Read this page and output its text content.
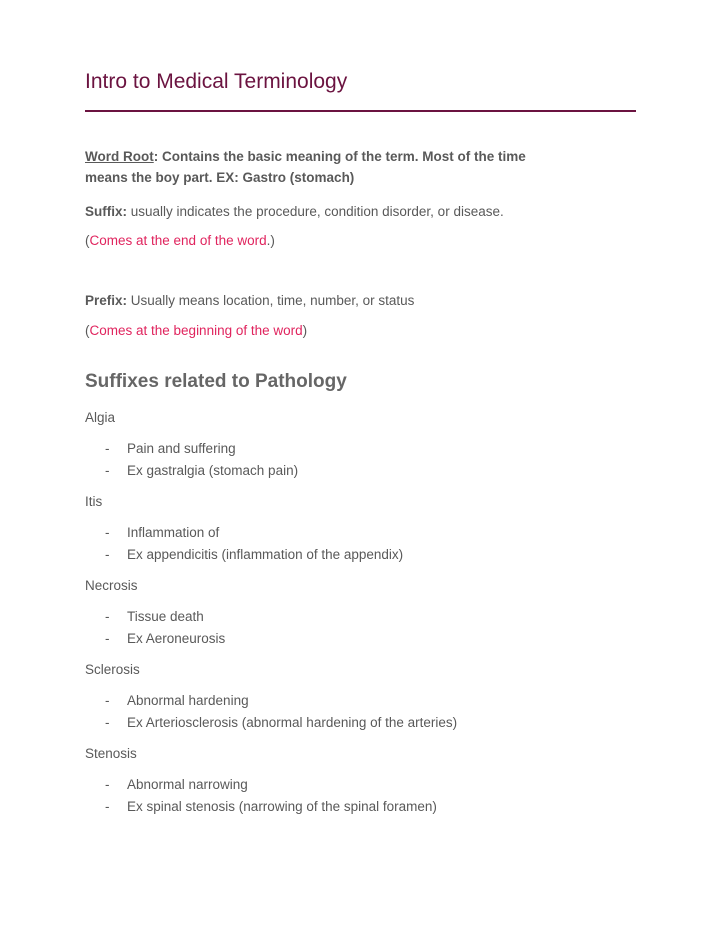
Intro to Medical Terminology

Word Root: Contains the basic meaning of the term. Most of the time
means the boy part. EX: Gastro (stomach)

Suffix: usually indicates the procedure, condition disorder, or disease.

(Comes at the end of the word.)

Prefix: Usually means location, time, number, or status

(Comes at the beginning of the word)

Suffixes related to Pathology

Algia

- Pain and suffering

- Ex gastralgia (stomach pain)

Itis

- Inflammation of

- Ex appendicitis (inflammation of the appendix)

Necrosis

- Tissue death

- Ex Aeroneurosis

Sclerosis

- Abnormal hardening

- Ex Arteriosclerosis (abnormal hardening of the arteries)

Stenosis

- Abnormal narrowing

- Ex spinal stenosis (narrowing of the spinal foramen)
